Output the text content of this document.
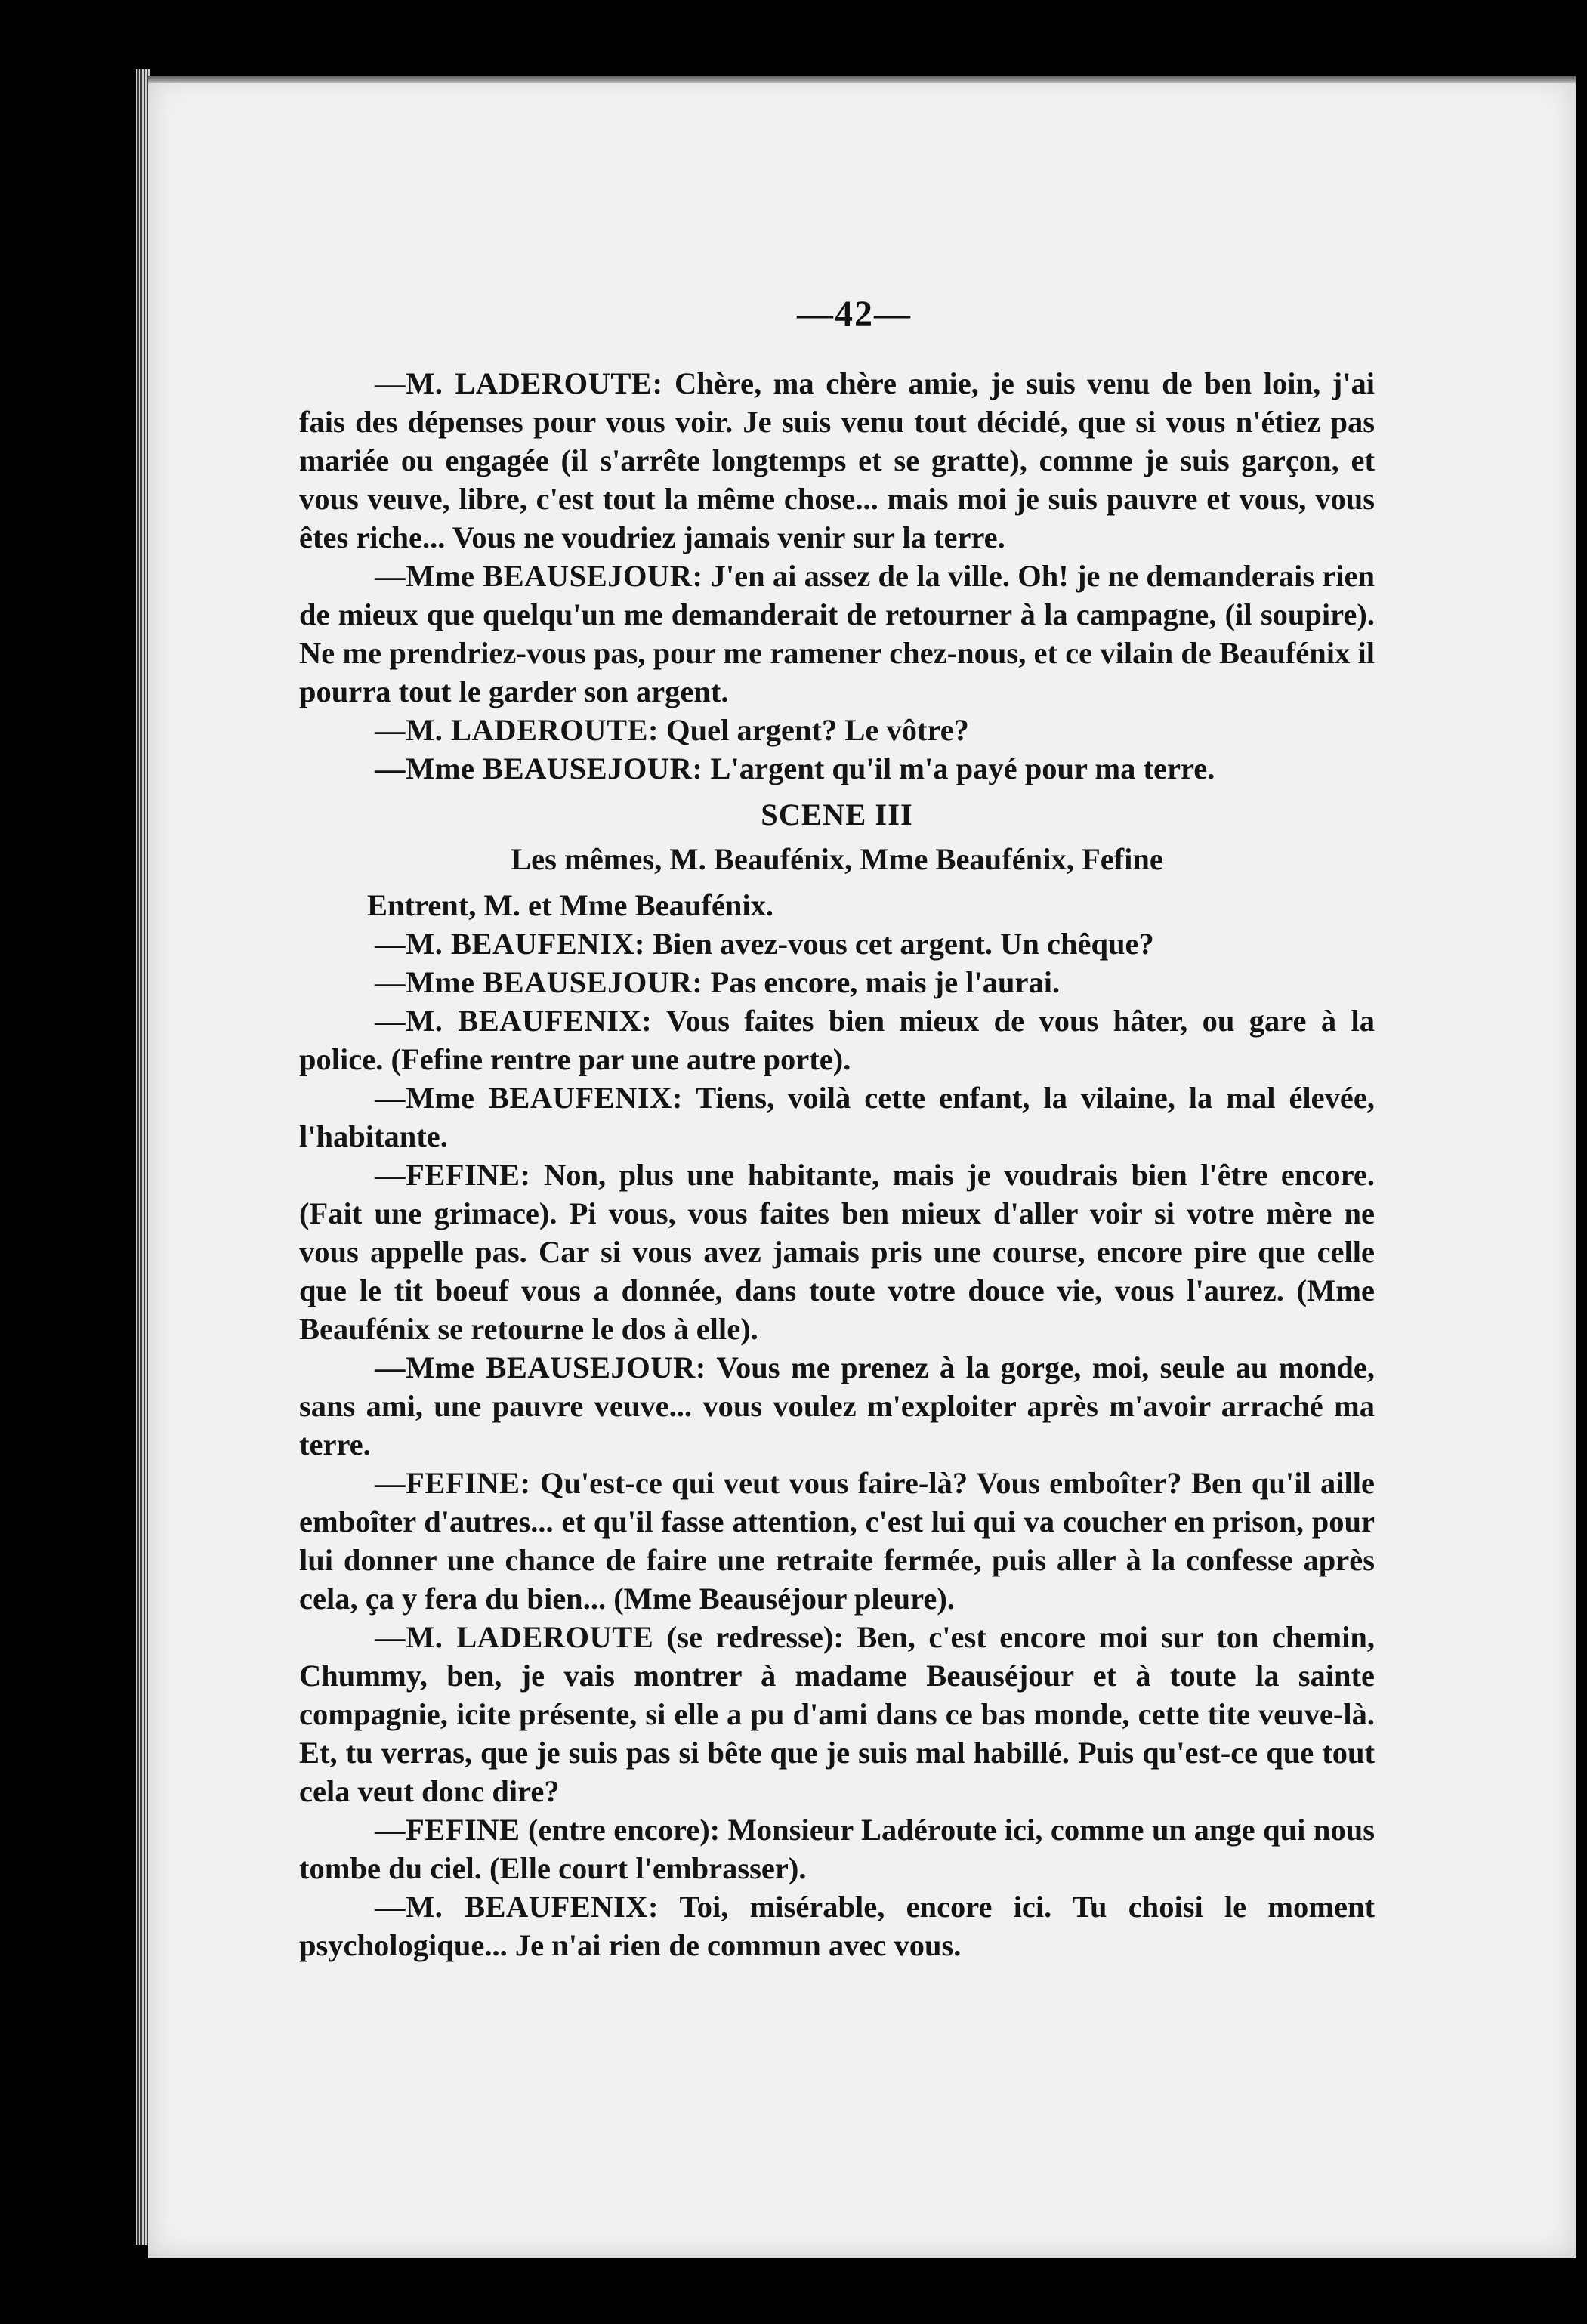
—42—

—M. LADEROUTE: Chère, ma chère amie, je suis venu de ben loin, j'ai fais des dépenses pour vous voir. Je suis venu tout décidé, que si vous n'étiez pas mariée ou engagée (il s'arrête longtemps et se gratte), comme je suis garçon, et vous veuve, libre, c'est tout la même chose... mais moi je suis pauvre et vous, vous êtes riche... Vous ne voudriez jamais venir sur la terre.

—Mme BEAUSEJOUR: J'en ai assez de la ville. Oh! je ne demanderais rien de mieux que quelqu'un me demanderait de retourner à la campagne, (il soupire). Ne me prendriez-vous pas, pour me ramener chez-nous, et ce vilain de Beaufénix il pourra tout le garder son argent.

—M. LADEROUTE: Quel argent? Le vôtre?

—Mme BEAUSEJOUR: L'argent qu'il m'a payé pour ma terre.

SCENE III

Les mêmes, M. Beaufénix, Mme Beaufénix, Fefine

Entrent, M. et Mme Beaufénix.

—M. BEAUFENIX: Bien avez-vous cet argent. Un chêque?

—Mme BEAUSEJOUR: Pas encore, mais je l'aurai.

—M. BEAUFENIX: Vous faites bien mieux de vous hâter, ou gare à la police. (Fefine rentre par une autre porte).

—Mme BEAUFENIX: Tiens, voilà cette enfant, la vilaine, la mal élevée, l'habitante.

—FEFINE: Non, plus une habitante, mais je voudrais bien l'être encore. (Fait une grimace). Pi vous, vous faites ben mieux d'aller voir si votre mère ne vous appelle pas. Car si vous avez jamais pris une course, encore pire que celle que le tit boeuf vous a donnée, dans toute votre douce vie, vous l'aurez. (Mme Beaufénix se retourne le dos à elle).

—Mme BEAUSEJOUR: Vous me prenez à la gorge, moi, seule au monde, sans ami, une pauvre veuve... vous voulez m'exploiter après m'avoir arraché ma terre.

—FEFINE: Qu'est-ce qui veut vous faire-là? Vous emboîter? Ben qu'il aille emboîter d'autres... et qu'il fasse attention, c'est lui qui va coucher en prison, pour lui donner une chance de faire une retraite fermée, puis aller à la confesse après cela, ça y fera du bien... (Mme Beauséjour pleure).

—M. LADEROUTE (se redresse): Ben, c'est encore moi sur ton chemin, Chummy, ben, je vais montrer à madame Beauséjour et à toute la sainte compagnie, icite présente, si elle a pu d'ami dans ce bas monde, cette tite veuve-là. Et, tu verras, que je suis pas si bête que je suis mal habillé. Puis qu'est-ce que tout cela veut donc dire?

—FEFINE (entre encore): Monsieur Ladéroute ici, comme un ange qui nous tombe du ciel. (Elle court l'embrasser).

—M. BEAUFENIX: Toi, misérable, encore ici. Tu choisi le moment psychologique... Je n'ai rien de commun avec vous.
